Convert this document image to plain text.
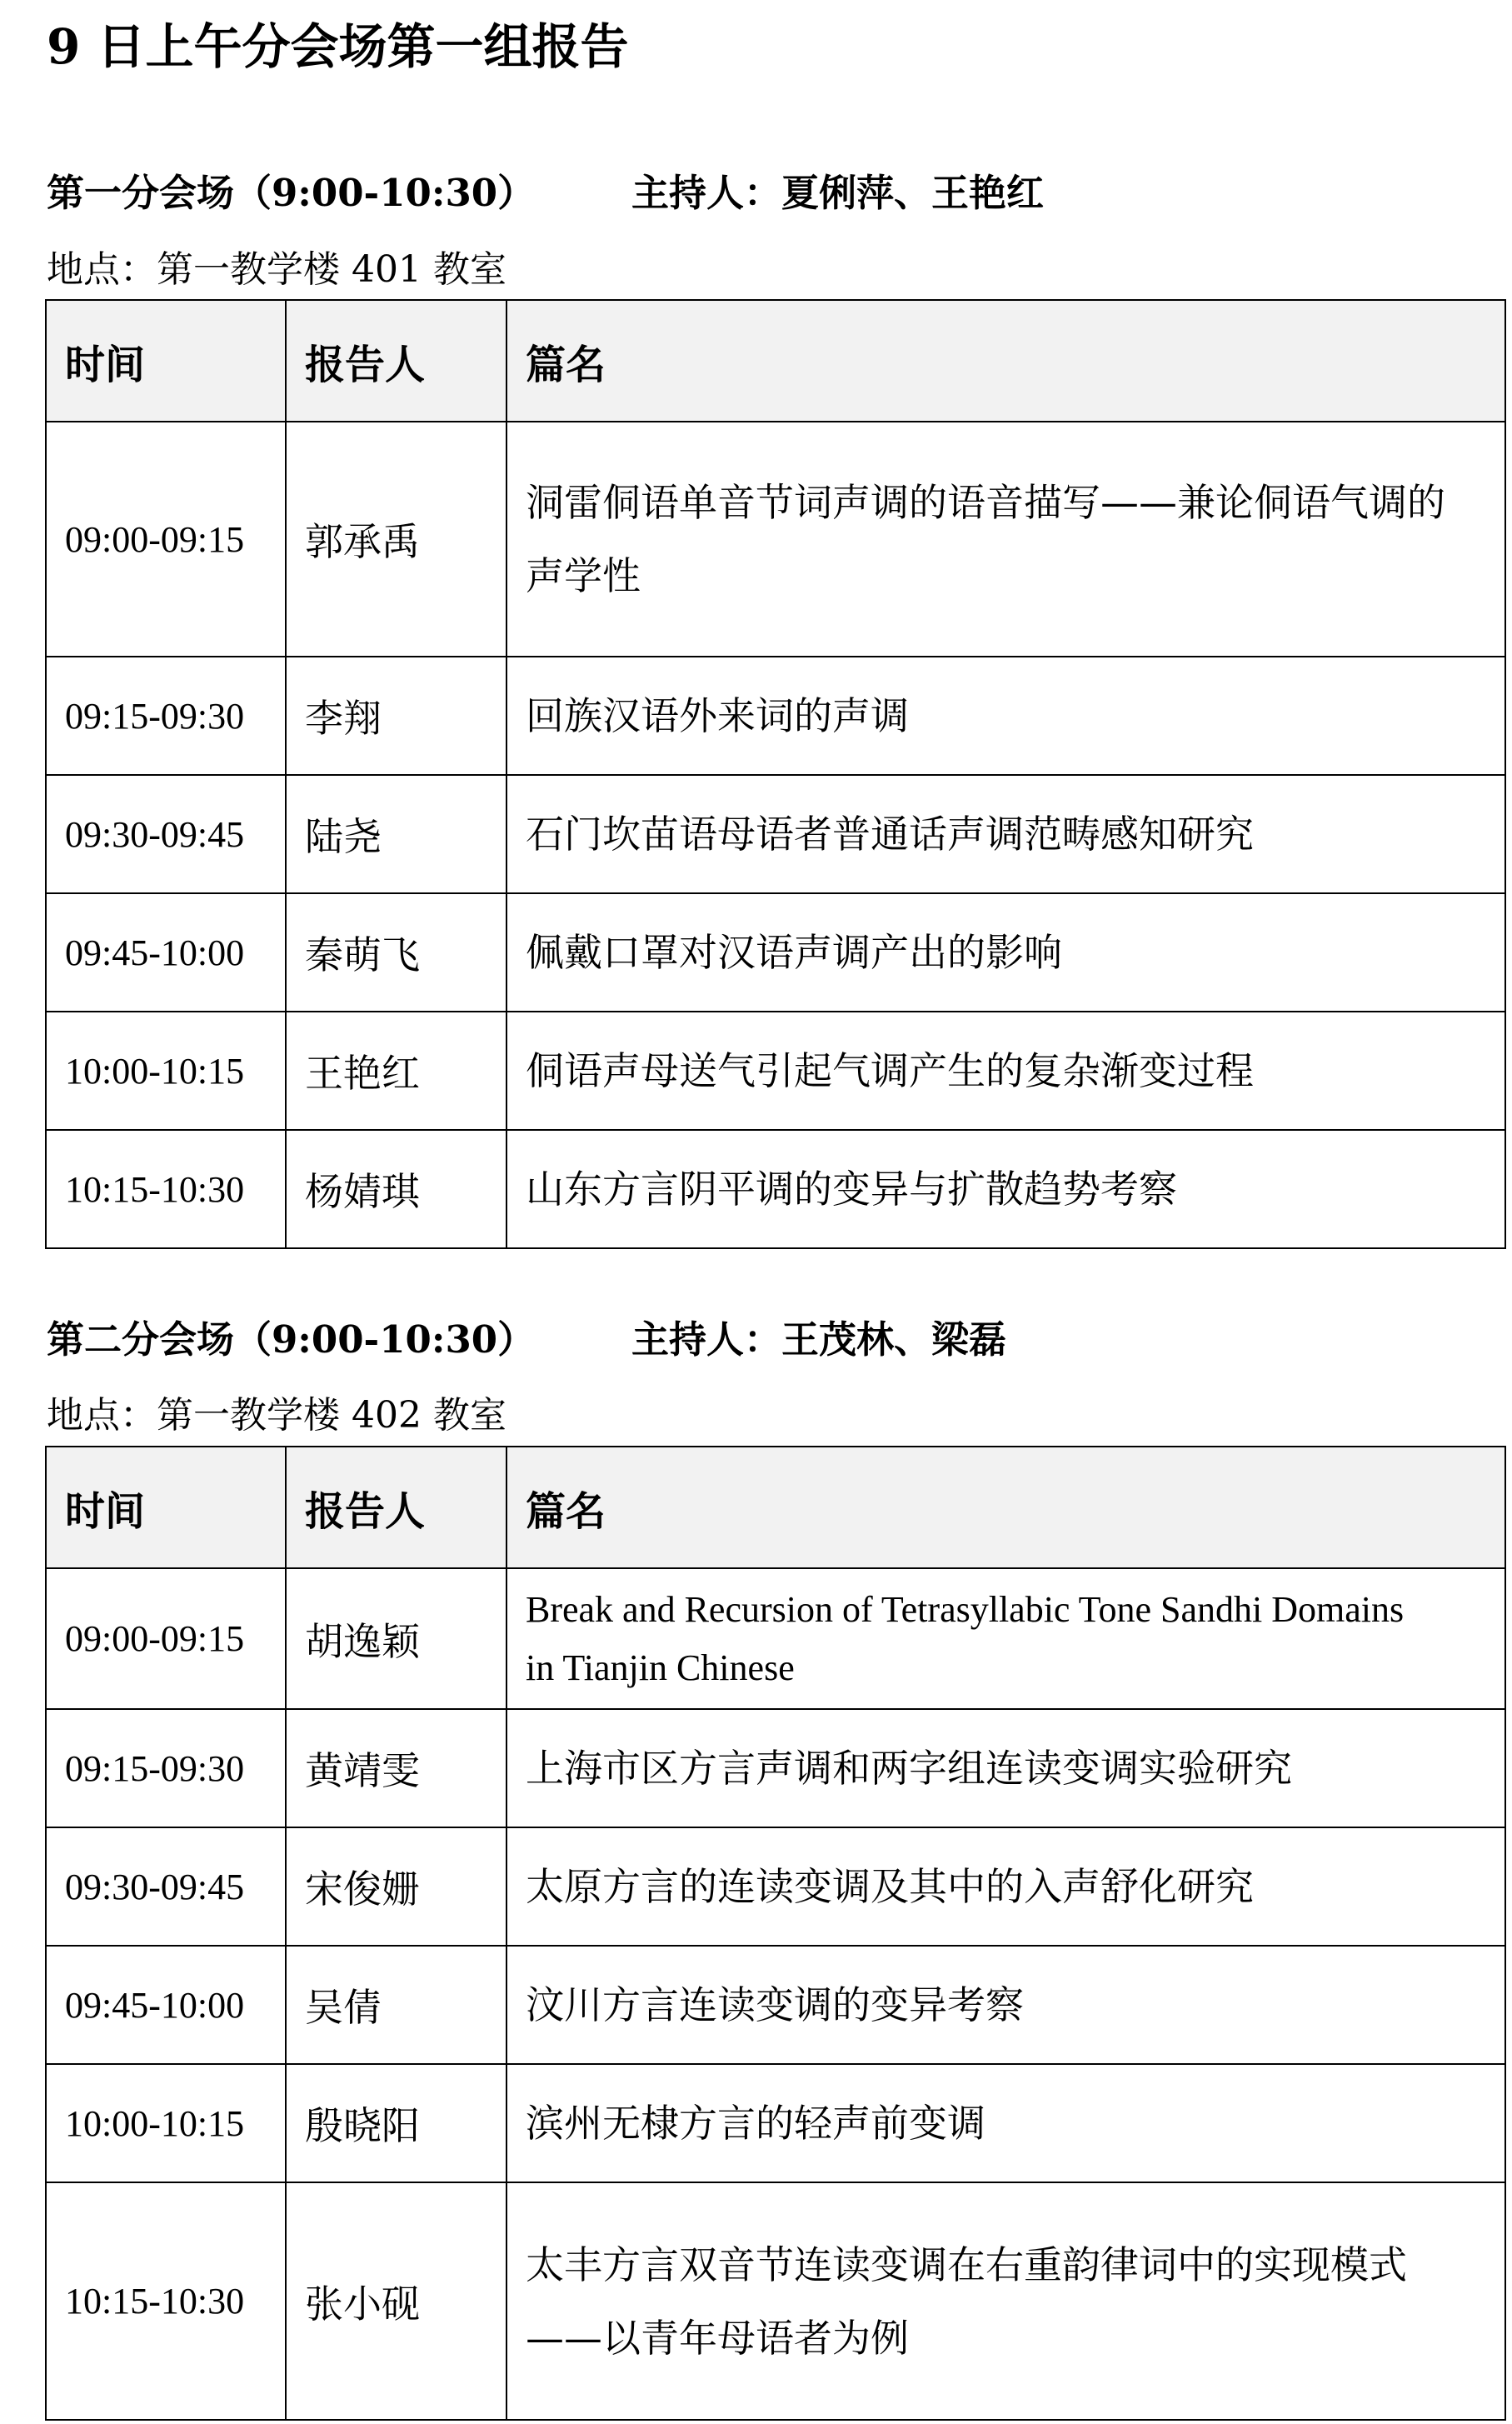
9 日上午分会场第一组报告
第一分会场（9:00-10:30）	主持人：夏俐萍、王艳红
地点：第一教学楼 401 教室
时间	报告人	篇名
09:00-09:15	郭承禹	洞雷侗语单音节词声调的语音描写——兼论侗语气调的
声学性

09:15-09:30	李翔	回族汉语外来词的声调

09:30-09:45	陆尧	石门坎苗语母语者普通话声调范畴感知研究

09:45-10:00	秦萌飞	佩戴口罩对汉语声调产出的影响

10:00-10:15	王艳红	侗语声母送气引起气调产生的复杂渐变过程

10:15-10:30	杨婧琪	山东方言阴平调的变异与扩散趋势考察
第二分会场（9:00-10:30）	主持人：王茂林、梁磊
地点：第一教学楼 402 教室
时间	报告人	篇名
09:00-09:15	胡逸颖	Break and Recursion of Tetrasyllabic Tone Sandhi Domains
in Tianjin Chinese

09:15-09:30	黄靖雯	上海市区方言声调和两字组连读变调实验研究

09:30-09:45	宋俊姗	太原方言的连读变调及其中的入声舒化研究

09:45-10:00	吴倩	汶川方言连读变调的变异考察

10:00-10:15	殷晓阳	滨州无棣方言的轻声前变调

10:15-10:30	张小砚	太丰方言双音节连读变调在右重韵律词中的实现模式
——以青年母语者为例
